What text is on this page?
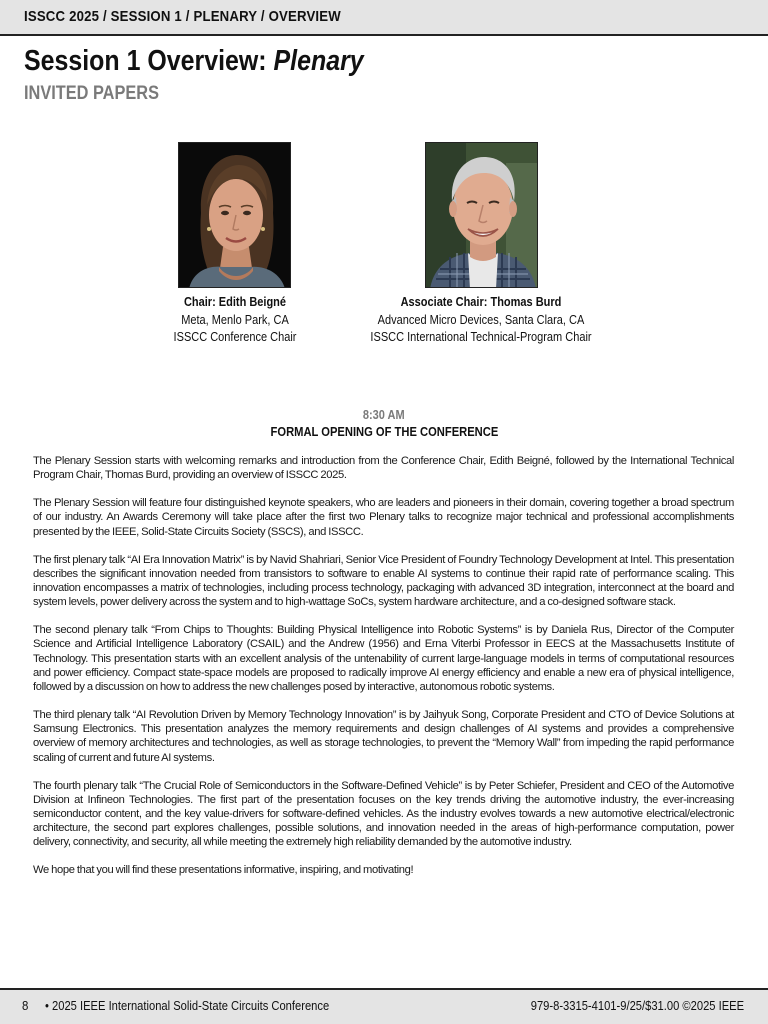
ISSCC 2025 / SESSION 1 / PLENARY / OVERVIEW
Session 1 Overview: Plenary
INVITED PAPERS
Chair: Edith Beigné
Meta, Menlo Park, CA
ISSCC Conference Chair
Associate Chair: Thomas Burd
Advanced Micro Devices, Santa Clara, CA
ISSCC International Technical-Program Chair
8:30 AM
FORMAL OPENING OF THE CONFERENCE

The Plenary Session starts with welcoming remarks and introduction from the Conference Chair, Edith Beigné, followed by the International Technical Program Chair, Thomas Burd, providing an overview of ISSCC 2025.

The Plenary Session will feature four distinguished keynote speakers, who are leaders and pioneers in their domain, covering together a broad spectrum of our industry. An Awards Ceremony will take place after the first two Plenary talks to recognize major technical and professional accomplishments presented by the IEEE, Solid-State Circuits Society (SSCS), and ISSCC.

The first plenary talk “AI Era Innovation Matrix” is by Navid Shahriari, Senior Vice President of Foundry Technology Development at Intel. This presentation describes the significant innovation needed from transistors to software to enable AI systems to continue their rapid rate of performance scaling. This innovation encompasses a matrix of technologies, including process technology, packaging with advanced 3D integration, interconnect at the board and system levels, power delivery across the system and to high-wattage SoCs, system hardware architecture, and a co-designed software stack.

The second plenary talk “From Chips to Thoughts: Building Physical Intelligence into Robotic Systems” is by Daniela Rus, Director of the Computer Science and Artificial Intelligence Laboratory (CSAIL) and the Andrew (1956) and Erna Viterbi Professor in EECS at the Massachusetts Institute of Technology. This presentation starts with an excellent analysis of the untenability of current large-language models in terms of computational resources and power efficiency. Compact state-space models are proposed to radically improve AI energy efficiency and enable a new era of physical intelligence, followed by a discussion on how to address the new challenges posed by interactive, autonomous robotic systems.

The third plenary talk “AI Revolution Driven by Memory Technology Innovation” is by Jaihyuk Song, Corporate President and CTO of Device Solutions at Samsung Electronics. This presentation analyzes the memory requirements and design challenges of AI systems and provides a comprehensive overview of memory architectures and technologies, as well as storage technologies, to prevent the “Memory Wall” from impeding the rapid performance scaling of current and future AI systems.

The fourth plenary talk “The Crucial Role of Semiconductors in the Software-Defined Vehicle” is by Peter Schiefer, President and CEO of the Automotive Division at Infineon Technologies. The first part of the presentation focuses on the key trends driving the automotive industry, the ever-increasing semiconductor content, and the key value-drivers for software-defined vehicles. As the industry evolves towards a new automotive electrical/electronic architecture, the second part explores challenges, possible solutions, and innovation needed in the areas of high-performance computation, power delivery, connectivity, and security, all while meeting the extremely high reliability demanded by the automotive industry.

We hope that you will find these presentations informative, inspiring, and motivating!

8 • 2025 IEEE International Solid-State Circuits Conference	979-8-3315-4101-9/25/$31.00 ©2025 IEEE
